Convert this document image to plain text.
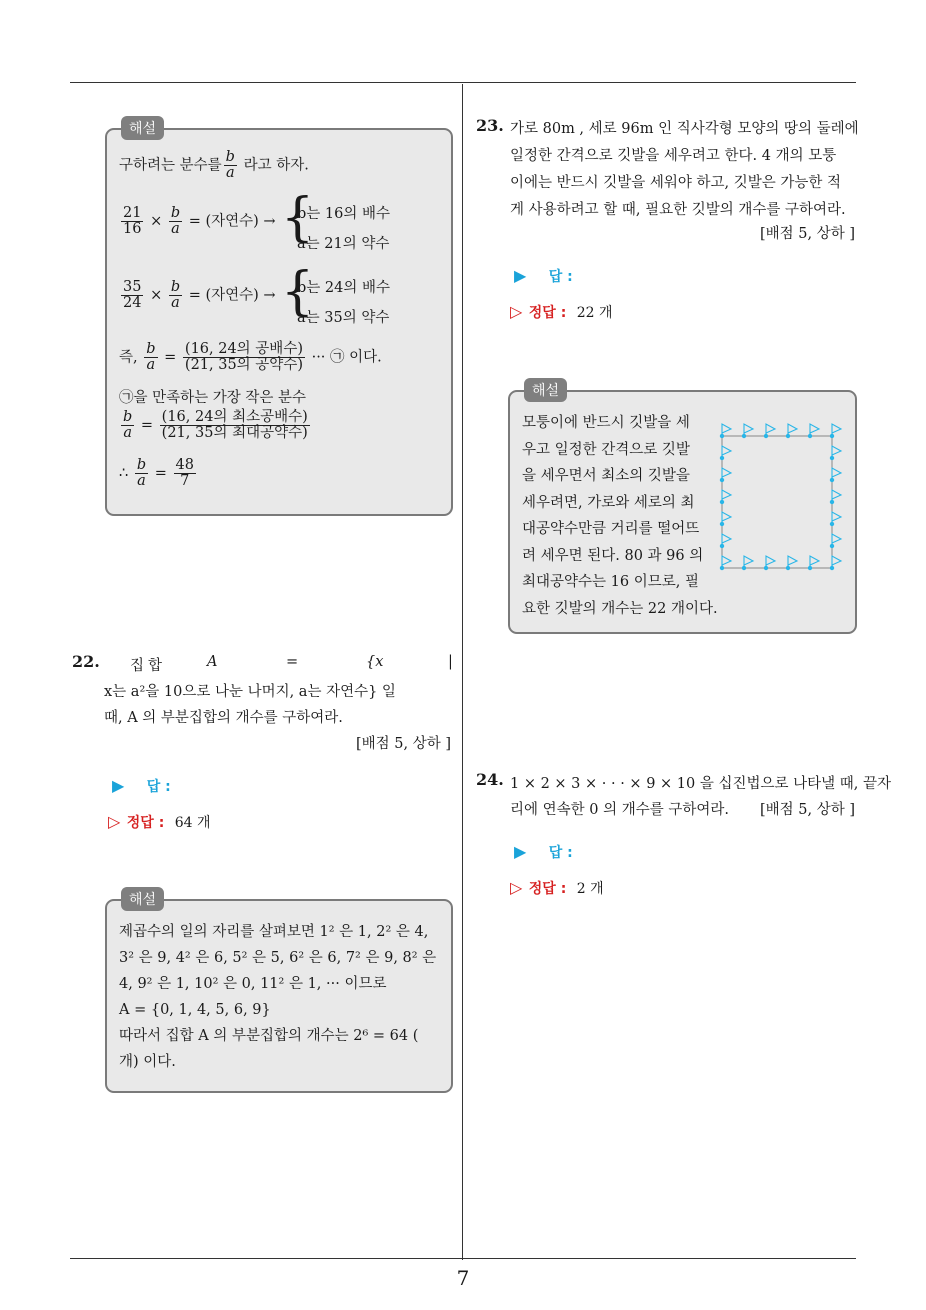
7
해설
구하려는 분수를 $\frac{b}{a}$ 라고 하자.
$\frac{21}{16} \times \frac{b}{a}$ = (자연수) → {
b는 16의 배수
a는 21의 약수
$\frac{35}{24} \times \frac{b}{a}$ = (자연수) → {
b는 24의 배수
a는 35의 약수
즉, $\frac{b}{a} = \frac{\text{(16, 24의 공배수)}}{\text{(21, 35의 공약수)}}$ ··· ㉠ 이다.
㉠을 만족하는 가장 작은 분수
$\frac{b}{a} = \frac{\text{(16, 24의 최소공배수)}}{\text{(21, 35의 최대공약수)}}$
∴ $\frac{b}{a} = \frac{48}{7}$
22. 집합	A	=	{x	|
x는 a²을 10으로 나눈 나머지, a는 자연수} 일
때, A 의 부분집합의 개수를 구하여라.
[배점 5, 상하 ]
▶ 답 :
▷ 정답 : 64 개
해설
제곱수의 일의 자리를 살펴보면 1² 은 1, 2² 은 4,
3² 은 9, 4² 은 6, 5² 은 5, 6² 은 6, 7² 은 9, 8² 은
4, 9² 은 1, 10² 은 0, 11² 은 1, ··· 이므로
A = {0, 1, 4, 5, 6, 9}
따라서 집합 A 의 부분집합의 개수는 2⁶ = 64 (
개) 이다.
23. 가로 80m , 세로 96m 인 직사각형 모양의 땅의 둘레에
일정한 간격으로 깃발을 세우려고 한다. 4 개의 모퉁
이에는 반드시 깃발을 세워야 하고, 깃발은 가능한 적
게 사용하려고 할 때, 필요한 깃발의 개수를 구하여라.
[배점 5, 상하 ]
▶ 답 :
▷ 정답 : 22 개
해설
모퉁이에 반드시 깃발을 세
우고 일정한 간격으로 깃발
을 세우면서 최소의 깃발을
세우려면, 가로와 세로의 최
대공약수만큼 거리를 떨어뜨
려 세우면 된다. 80 과 96 의
최대공약수는 16 이므로, 필
요한 깃발의 개수는 22 개이다.
24. 1 × 2 × 3 × · · · × 9 × 10 을 십진법으로 나타낼 때, 끝자
리에 연속한 0 의 개수를 구하여라. [배점 5, 상하 ]
▶ 답 :
▷ 정답 : 2 개
